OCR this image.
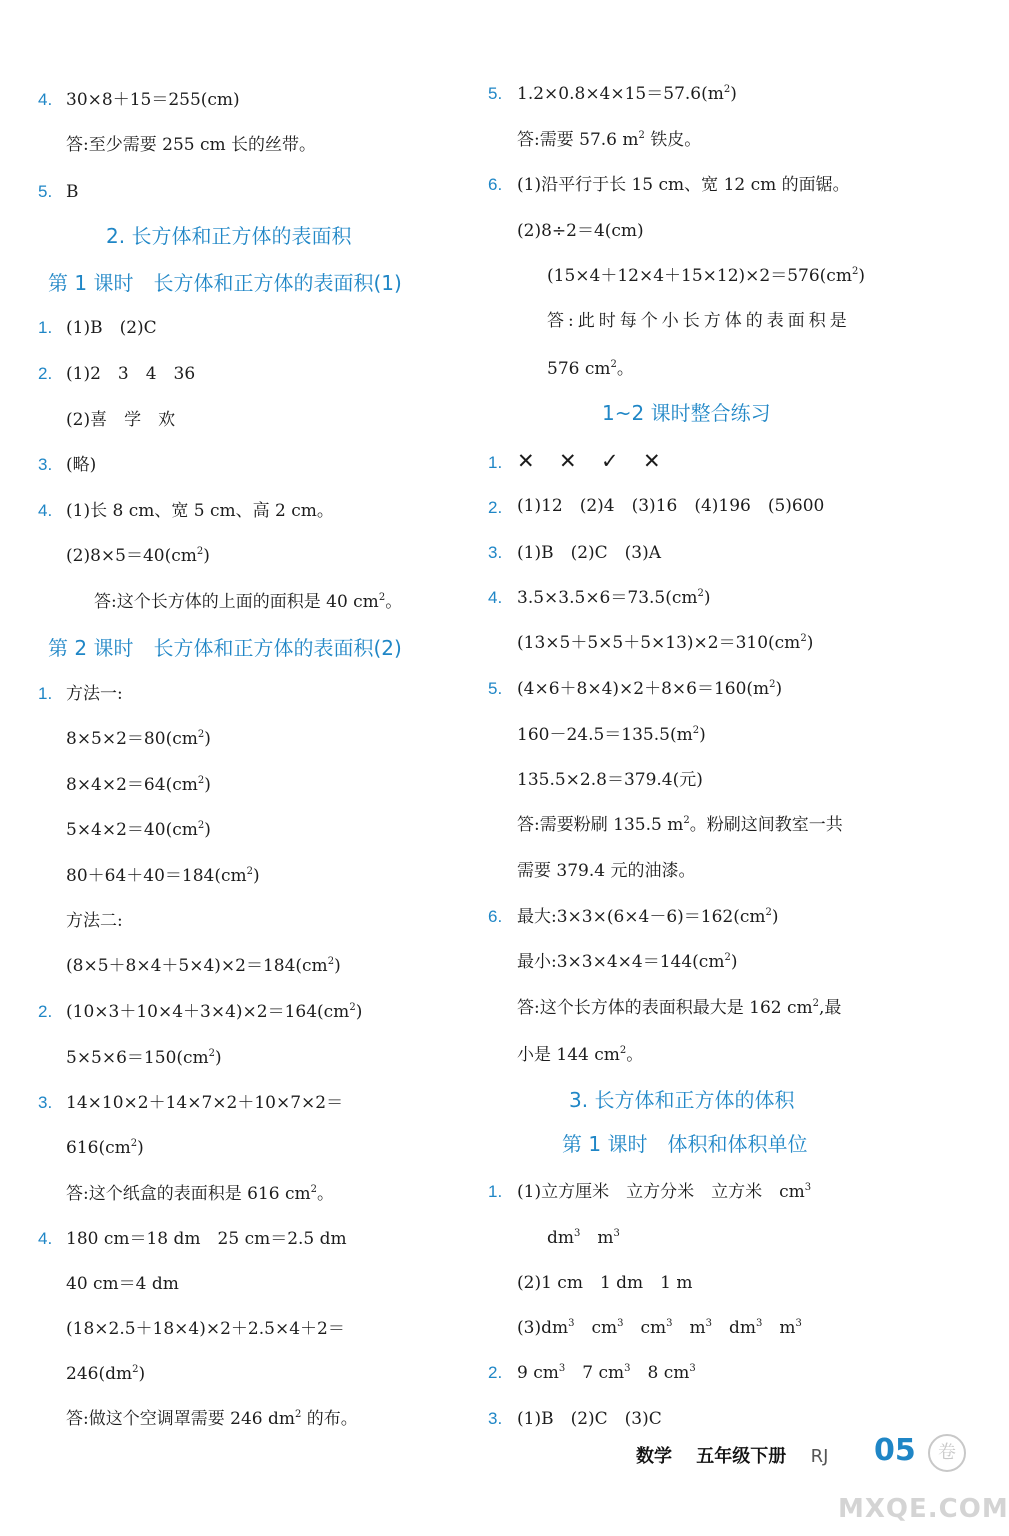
4. 30×8＋15＝255(cm)
答:至少需要 255 cm 长的丝带。
5. B
2. 长方体和正方体的表面积
第 1 课时　长方体和正方体的表面积(1)
1. (1)B　(2)C
2. (1)2　3　4　36
(2)喜　学　欢
3. (略)
4. (1)长 8 cm、宽 5 cm、高 2 cm。
$(2)8\times 5=40(cm^2)$
答:这个长方体的上面的面积是 40 $cm^2$。
第 2 课时　长方体和正方体的表面积(2)
1. 方法一:
$8\times 5\times 2=80(cm^2)$
$8\times 4\times 2=64(cm^2)$
$5\times 4\times 2=40(cm^2)$
$80+64+40=184(cm^2)$
方法二:
$(8\times 5+8\times 4+5\times 4)\times 2=184(cm^2)$
2. $(10\times 3+10\times 4+3\times 4)\times 2=164(cm^2)$
$5\times 5\times 6=150(cm^2)$
3. 14×10×2＋14×7×2＋10×7×2＝
$616(cm^2)$
答:这个纸盒的表面积是 616 $cm^2$。
4. 180 cm＝18 dm　25 cm＝2.5 dm
40 cm＝4 dm
(18×2.5＋18×4)×2＋2.5×4＋2＝
$246(dm^2)$
答:做这个空调罩需要 246 $dm^2$ 的布。
5. $1.2\times 0.8\times 4\times 15=57.6(m^2)$
答:需要 57.6 $m^2$ 铁皮。
6. (1)沿平行于长 15 cm、宽 12 cm 的面锯。
(2)8÷2＝4(cm)
$(15\times 4+12\times 4+15\times 12)\times 2=576(cm^2)$
答:此时每个小长方体的表面积是
576 $cm^2$。
1~2 课时整合练习
1. ✕ ✕ ✓ ✕
2. (1)12　(2)4　(3)16　(4)196　(5)600
3. (1)B　(2)C　(3)A
4. $3.5\times 3.5\times 6=73.5(cm^2)$
$(13\times 5+5\times 5+5\times 13)\times 2=310(cm^2)$
5. $(4\times 6+8\times 4)\times 2+8\times 6=160(m^2)$
$160-24.5=135.5(m^2)$
135.5×2.8＝379.4(元)
答:需要粉刷 135.5 $m^2$。粉刷这间教室一共
需要 379.4 元的油漆。
6. 最大$:3\times 3\times(6\times 4-6)=162(cm^2)$
最小$:3\times 3\times 4\times 4=144(cm^2)$
答:这个长方体的表面积最大是 162 $cm^2$,最
小是 144 $cm^2$。
3. 长方体和正方体的体积
第 1 课时　体积和体积单位
1. (1)立方厘米　立方分米　立方米　$cm^3$
$dm^3$　 $m^3$
(2)1 cm　1 dm　1 m
$(3)dm^3$　 $cm^3$　 $cm^3$　 $m^3$　 $dm^3$　 $m^3$
2. 9 $cm^3$　 7 $cm^3$　 8 $cm^3$
3. (1)B　(2)C　(3)C
数学 五年级下册 RJ	05	卷
MXQE.COM
